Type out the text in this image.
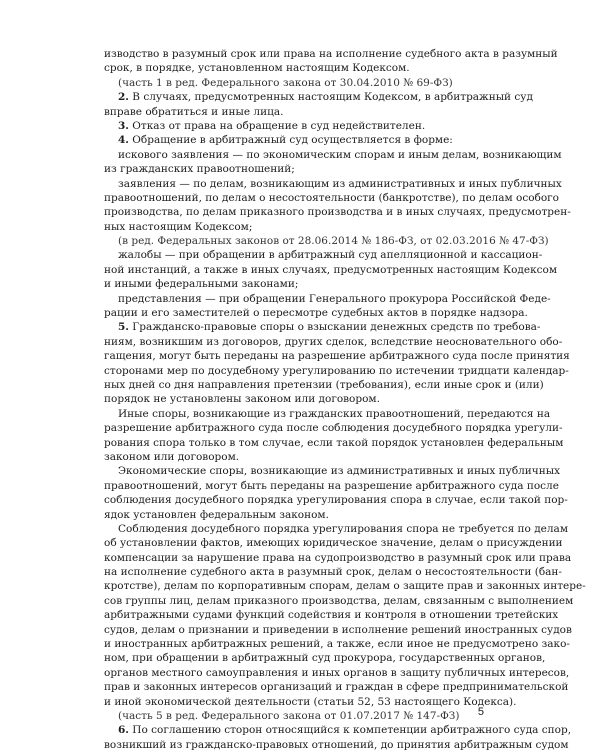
изводство в разумный срок или права на исполнение судебного акта в разумный
срок, в порядке, установленном настоящим Кодексом.
(часть 1 в ред. Федерального закона от 30.04.2010 № 69-ФЗ)
2. В случаях, предусмотренных настоящим Кодексом, в арбитражный суд
вправе обратиться и иные лица.
3. Отказ от права на обращение в суд недействителен.
4. Обращение в арбитражный суд осуществляется в форме:
искового заявления — по экономическим спорам и иным делам, возникающим
из гражданских правоотношений;
заявления — по делам, возникающим из административных и иных публичных
правоотношений, по делам о несостоятельности (банкротстве), по делам особого
производства, по делам приказного производства и в иных случаях, предусмотрен-
ных настоящим Кодексом;
(в ред. Федеральных законов от 28.06.2014 № 186-ФЗ, от 02.03.2016 № 47-ФЗ)
жалобы — при обращении в арбитражный суд апелляционной и кассацион-
ной инстанций, а также в иных случаях, предусмотренных настоящим Кодексом
и иными федеральными законами;
представления — при обращении Генерального прокурора Российской Феде-
рации и его заместителей о пересмотре судебных актов в порядке надзора.
5. Гражданско-правовые споры о взыскании денежных средств по требова-
ниям, возникшим из договоров, других сделок, вследствие неосновательного обо-
гащения, могут быть переданы на разрешение арбитражного суда после принятия
сторонами мер по досудебному урегулированию по истечении тридцати календар-
ных дней со дня направления претензии (требования), если иные срок и (или)
порядок не установлены законом или договором.
Иные споры, возникающие из гражданских правоотношений, передаются на
разрешение арбитражного суда после соблюдения досудебного порядка урегули-
рования спора только в том случае, если такой порядок установлен федеральным
законом или договором.
Экономические споры, возникающие из административных и иных публичных
правоотношений, могут быть переданы на разрешение арбитражного суда после
соблюдения досудебного порядка урегулирования спора в случае, если такой пор-
ядок установлен федеральным законом.
Соблюдения досудебного порядка урегулирования спора не требуется по делам
об установлении фактов, имеющих юридическое значение, делам о присуждении
компенсации за нарушение права на судопроизводство в разумный срок или права
на исполнение судебного акта в разумный срок, делам о несостоятельности (бан-
кротстве), делам по корпоративным спорам, делам о защите прав и законных интере-
сов группы лиц, делам приказного производства, делам, связанным с выполнением
арбитражными судами функций содействия и контроля в отношении третейских
судов, делам о признании и приведении в исполнение решений иностранных судов
и иностранных арбитражных решений, а также, если иное не предусмотрено зако-
ном, при обращении в арбитражный суд прокурора, государственных органов,
органов местного самоуправления и иных органов в защиту публичных интересов,
прав и законных интересов организаций и граждан в сфере предпринимательской
и иной экономической деятельности (статьи 52, 53 настоящего Кодекса).
(часть 5 в ред. Федерального закона от 01.07.2017 № 147-ФЗ)
6. По соглашению сторон относящийся к компетенции арбитражного суда спор,
возникший из гражданско-правовых отношений, до принятия арбитражным судом
5
